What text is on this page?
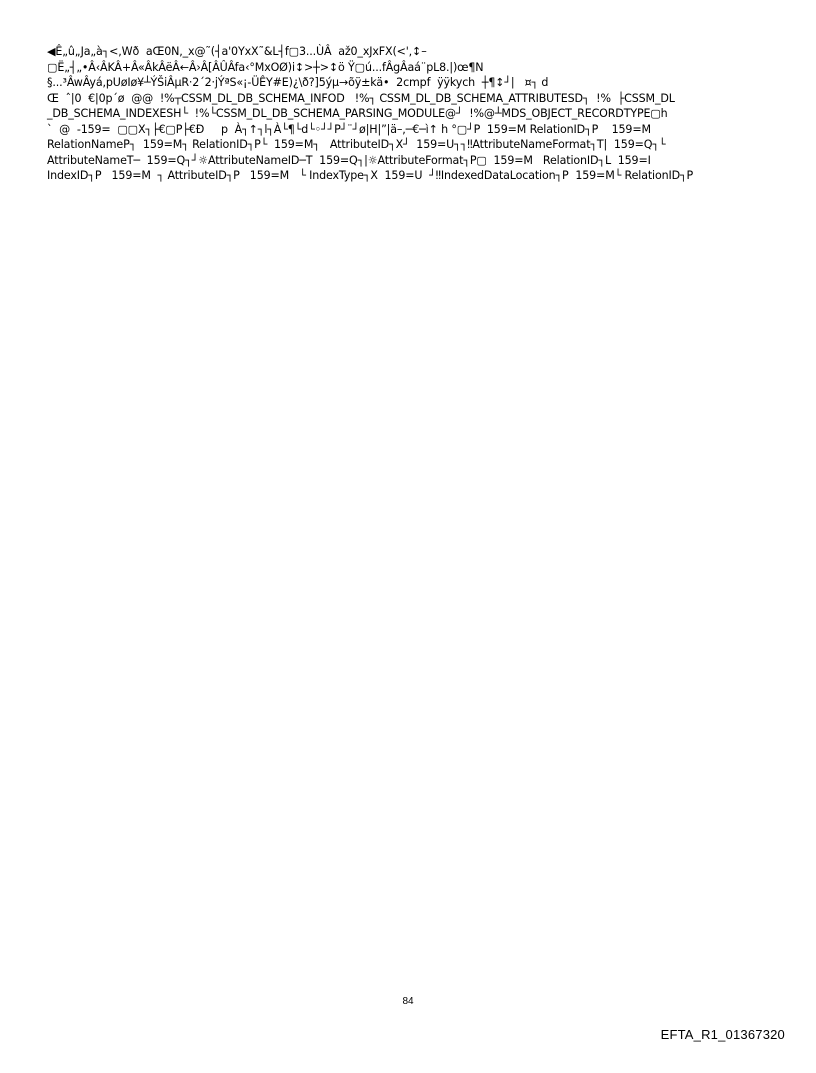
◀Ê„û„Ja„à┐<,Wð  aŒ0N,_x@˜(┤a'0YxX˜&L┤f▢3...ÙÂ  až0_xJxFX(<',↕–
▢Ë„┤„•Â‹ÂKÂ+Â«ÂkÂëÂ←Â›Â[ÂÛÂfa‹°MxOØ)i↕>┼>↕ö Ÿ▢ú...fÂgÂaá¨pL8.|)œ¶N
§...³ÂwÂyá,pUøIø¥┴ÝŠiÂμR·2´2·jÝªS«¡-ÜÊY#E)¿\ð?]5ýμ→õÿ±kä•  2cmpf  ÿÿkych  ┼¶↕┘|   ¤┐ d
Œ  ˆ|0  €|0p´ø  @@  !%┬CSSM_DL_DB_SCHEMA_INFOD   !%┐ CSSM_DL_DB_SCHEMA_ATTRIBUTESD┐  !%  ├CSSM_DL
_DB_SCHEMA_INDEXESH└  !%└CSSM_DL_DB_SCHEMA_PARSING_MODULE@┘  !%@┴MDS_OBJECT_RECORDTYPE▢h
`  @  -159=  ▢▢X┐├€▢P├€Ð     p  À┐↑┐l┐À└¶└d└◦┘┘P┘¨┘ø|H|”|ä–,─€─ì↑ h °▢┘P  159=M RelationID┐P    159=M
RelationNameP┐  159=M┐ RelationID┐P└  159=M┐   AttributeID┐X┘  159=U┐┐‼AttributeNameFormat┐T|  159=Q┐└
AttributeNameT─  159=Q┐┘☼AttributeNameID─T  159=Q┐|☼AttributeFormat┐P▢  159=M   RelationID┐L  159=I
IndexID┐P   159=M  ┐ AttributeID┐P   159=M   └ IndexType┐X  159=U  ┘‼IndexedDataLocation┐P  159=M└ RelationID┐P
84
EFTA_R1_01367320
